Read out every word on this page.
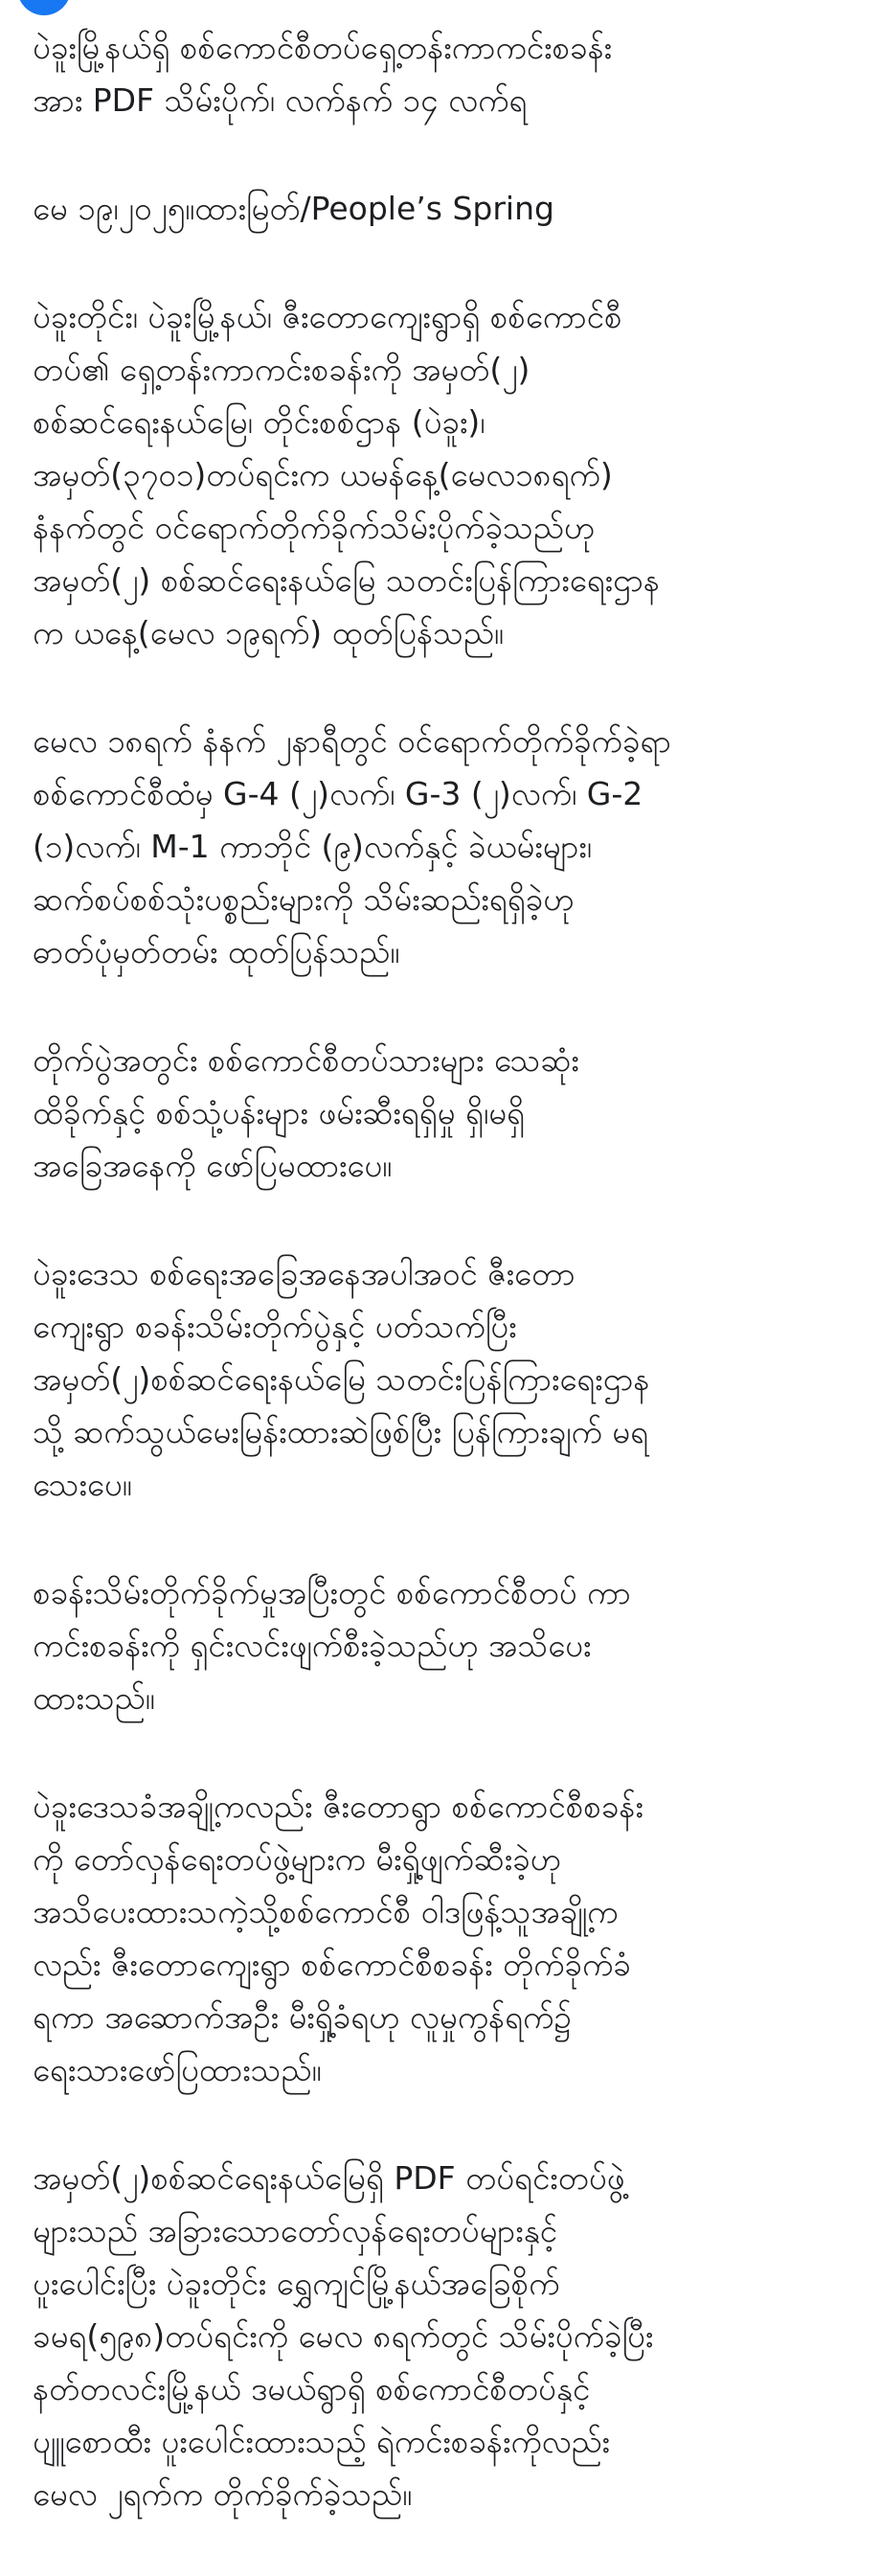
ပဲခူးမြို့နယ်ရှိ စစ်ကောင်စီတပ်ရှေ့တန်းကာကင်းစခန်း
အား PDF သိမ်းပိုက်၊ လက်နက် ၁၄ လက်ရ
မေ ၁၉၊၂၀၂၅။ထားမြတ်/People’s Spring
ပဲခူးတိုင်း၊ ပဲခူးမြို့နယ်၊ ဇီးတောကျေးရွာရှိ စစ်ကောင်စီ
တပ်၏ ရှေ့တန်းကာကင်းစခန်းကို အမှတ်(၂)
စစ်ဆင်ရေးနယ်မြေ၊ တိုင်းစစ်ဌာန (ပဲခူး)၊
အမှတ်(၃၇၀၁)တပ်ရင်းက ယမန်နေ့(မေလ၁၈ရက်)
နံနက်တွင် ဝင်ရောက်တိုက်ခိုက်သိမ်းပိုက်ခဲ့သည်ဟု
အမှတ်(၂) စစ်ဆင်ရေးနယ်မြေ သတင်းပြန်ကြားရေးဌာန
က ယနေ့(မေလ ၁၉ရက်) ထုတ်ပြန်သည်။
မေလ ၁၈ရက် နံနက် ၂နာရီတွင် ဝင်ရောက်တိုက်ခိုက်ခဲ့ရာ
စစ်ကောင်စီထံမှ G-4 (၂)လက်၊ G-3 (၂)လက်၊ G-2
(၁)လက်၊ M-1 ကာဘိုင် (၉)လက်နှင့် ခဲယမ်းများ၊
ဆက်စပ်စစ်သုံးပစ္စည်းများကို သိမ်းဆည်းရရှိခဲ့ဟု
ဓာတ်ပုံမှတ်တမ်း ထုတ်ပြန်သည်။
တိုက်ပွဲအတွင်း စစ်ကောင်စီတပ်သားများ သေဆုံး
ထိခိုက်နှင့် စစ်သုံ့ပန်းများ ဖမ်းဆီးရရှိမှု ရှိ၊မရှိ
အခြေအနေကို ဖော်ပြမထားပေ။
ပဲခူးဒေသ စစ်ရေးအခြေအနေအပါအဝင် ဇီးတော
ကျေးရွာ စခန်းသိမ်းတိုက်ပွဲနှင့် ပတ်သက်ပြီး
အမှတ်(၂)စစ်ဆင်ရေးနယ်မြေ သတင်းပြန်ကြားရေးဌာန
သို့ ဆက်သွယ်မေးမြန်းထားဆဲဖြစ်ပြီး ပြန်ကြားချက် မရ
သေးပေ။
စခန်းသိမ်းတိုက်ခိုက်မှုအပြီးတွင် စစ်ကောင်စီတပ် ကာ
ကင်းစခန်းကို ရှင်းလင်းဖျက်စီးခဲ့သည်ဟု အသိပေး
ထားသည်။
ပဲခူးဒေသခံအချို့ကလည်း ဇီးတောရွာ စစ်ကောင်စီစခန်း
ကို တော်လှန်ရေးတပ်ဖွဲ့များက မီးရှို့ဖျက်ဆီးခဲ့ဟု
အသိပေးထားသကဲ့သို့စစ်ကောင်စီ ဝါဒဖြန့်သူအချို့က
လည်း ဇီးတောကျေးရွာ စစ်ကောင်စီစခန်း တိုက်ခိုက်ခံ
ရကာ အဆောက်အဦး မီးရှို့ခံရဟု လူမှုကွန်ရက်၌
ရေးသားဖော်ပြထားသည်။
အမှတ်(၂)စစ်ဆင်ရေးနယ်မြေရှိ PDF တပ်ရင်းတပ်ဖွဲ့
များသည် အခြားသောတော်လှန်ရေးတပ်များနှင့်
ပူးပေါင်းပြီး ပဲခူးတိုင်း ရွှေကျင်မြို့နယ်အခြေစိုက်
ခမရ(၅၉၈)တပ်ရင်းကို မေလ ၈ရက်တွင် သိမ်းပိုက်ခဲ့ပြီး
နတ်တလင်းမြို့နယ် ဒမယ်ရွာရှိ စစ်ကောင်စီတပ်နှင့်
ပျူစောထီး ပူးပေါင်းထားသည့် ရဲကင်းစခန်းကိုလည်း
မေလ ၂ရက်က တိုက်ခိုက်ခဲ့သည်။
